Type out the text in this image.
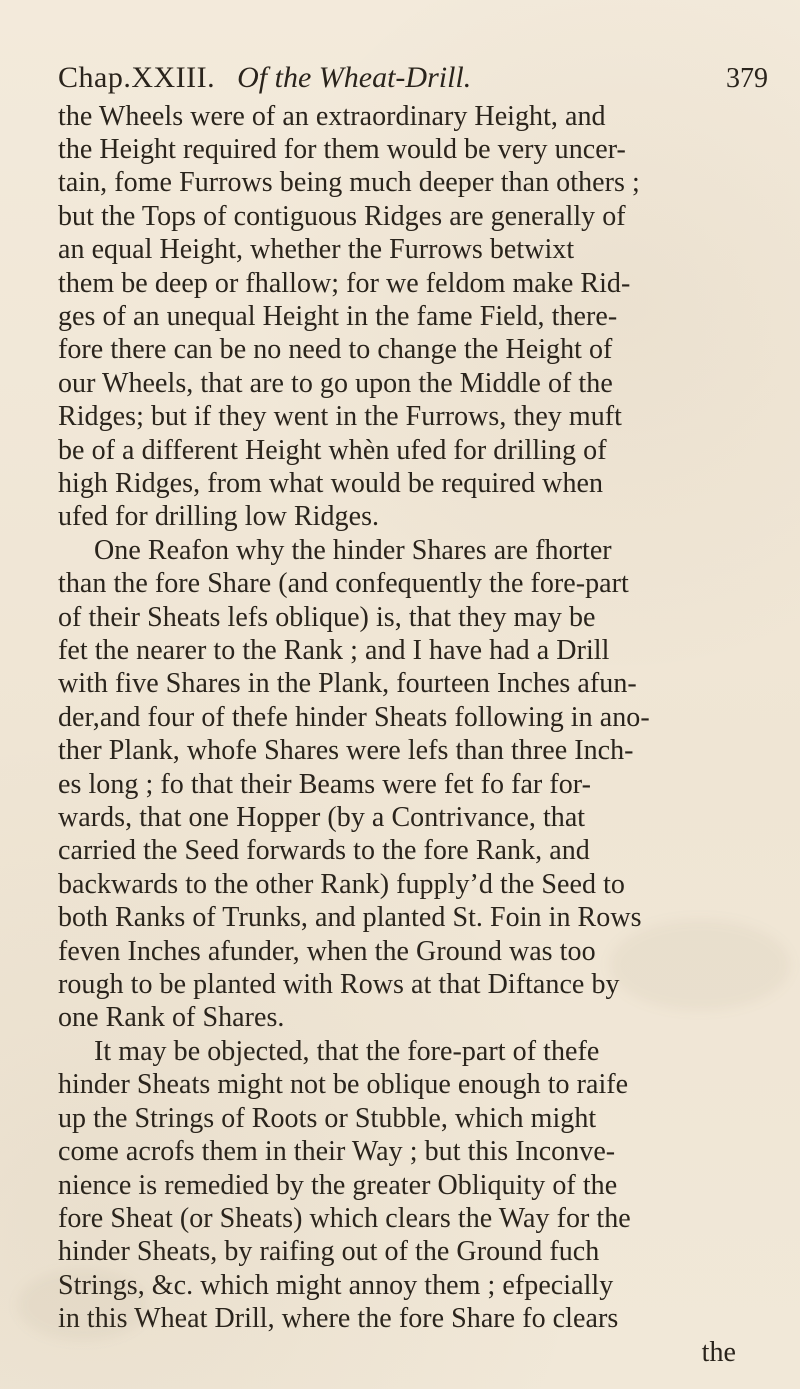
Chap.XXIII. Of the Wheat-Drill.	379
the Wheels were of an extraordinary Height, and
the Height required for them would be very uncer-
tain, fome Furrows being much deeper than others ;
but the Tops of contiguous Ridges are generally of
an equal Height, whether the Furrows betwixt
them be deep or fhallow; for we feldom make Rid-
ges of an unequal Height in the fame Field, there-
fore there can be no need to change the Height of
our Wheels, that are to go upon the Middle of the
Ridges; but if they went in the Furrows, they muft
be of a different Height whèn ufed for drilling of
high Ridges, from what would be required when
ufed for drilling low Ridges.
One Reafon why the hinder Shares are fhorter
than the fore Share (and confequently the fore-part
of their Sheats lefs oblique) is, that they may be
fet the nearer to the Rank ; and I have had a Drill
with five Shares in the Plank, fourteen Inches afun-
der,and four of thefe hinder Sheats following in ano-
ther Plank, whofe Shares were lefs than three Inch-
es long ; fo that their Beams were fet fo far for-
wards, that one Hopper (by a Contrivance, that
carried the Seed forwards to the fore Rank, and
backwards to the other Rank) fupply’d the Seed to
both Ranks of Trunks, and planted St. Foin in Rows
feven Inches afunder, when the Ground was too
rough to be planted with Rows at that Diftance by
one Rank of Shares.
It may be objected, that the fore-part of thefe
hinder Sheats might not be oblique enough to raife
up the Strings of Roots or Stubble, which might
come acrofs them in their Way ; but this Inconve-
nience is remedied by the greater Obliquity of the
fore Sheat (or Sheats) which clears the Way for the
hinder Sheats, by raifing out of the Ground fuch
Strings, &c. which might annoy them ; efpecially
in this Wheat Drill, where the fore Share fo clears
the
